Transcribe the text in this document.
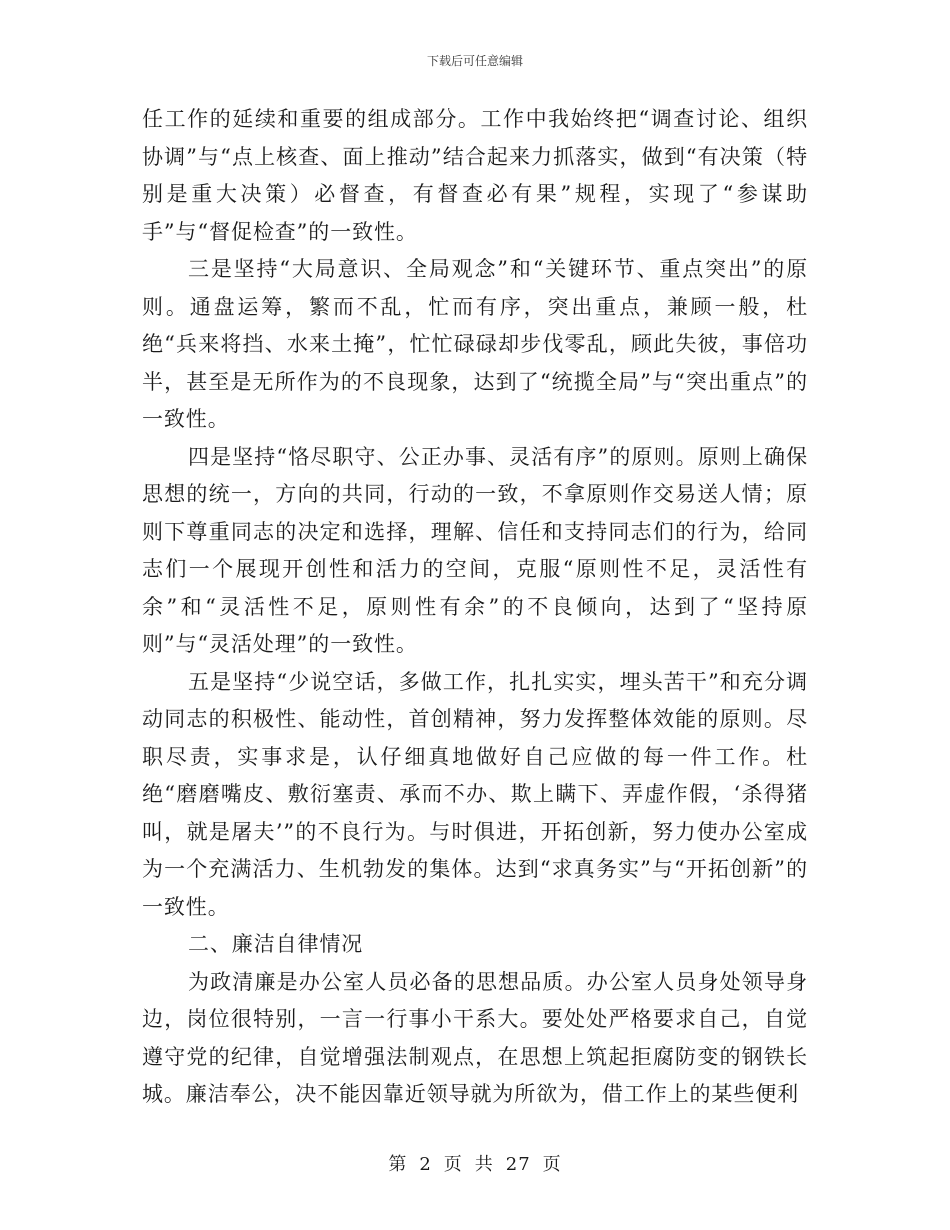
下载后可任意编辑

任工作的延续和重要的组成部分。工作中我始终把“调查讨论、组织协调”与“点上核查、面上推动”结合起来力抓落实，做到“有决策（特别是重大决策）必督查，有督查必有果”规程，实现了“参谋助手”与“督促检查”的一致性。

三是坚持“大局意识、全局观念”和“关键环节、重点突出”的原则。通盘运筹，繁而不乱，忙而有序，突出重点，兼顾一般，杜绝“兵来将挡、水来土掩”，忙忙碌碌却步伐零乱，顾此失彼，事倍功半，甚至是无所作为的不良现象，达到了“统揽全局”与“突出重点”的一致性。

四是坚持“恪尽职守、公正办事、灵活有序”的原则。原则上确保思想的统一，方向的共同，行动的一致，不拿原则作交易送人情；原则下尊重同志的决定和选择，理解、信任和支持同志们的行为，给同志们一个展现开创性和活力的空间，克服“原则性不足，灵活性有余”和“灵活性不足，原则性有余”的不良倾向，达到了“坚持原则”与“灵活处理”的一致性。

五是坚持“少说空话，多做工作，扎扎实实，埋头苦干”和充分调动同志的积极性、能动性，首创精神，努力发挥整体效能的原则。尽职尽责，实事求是，认仔细真地做好自己应做的每一件工作。杜绝“磨磨嘴皮、敷衍塞责、承而不办、欺上瞒下、弄虚作假，‘杀得猪叫，就是屠夫’”的不良行为。与时俱进，开拓创新，努力使办公室成为一个充满活力、生机勃发的集体。达到“求真务实”与“开拓创新”的一致性。

二、廉洁自律情况

为政清廉是办公室人员必备的思想品质。办公室人员身处领导身边，岗位很特别，一言一行事小干系大。要处处严格要求自己，自觉遵守党的纪律，自觉增强法制观点，在思想上筑起拒腐防变的钢铁长城。廉洁奉公，决不能因靠近领导就为所欲为，借工作上的某些便利

第 2 页 共 27 页
